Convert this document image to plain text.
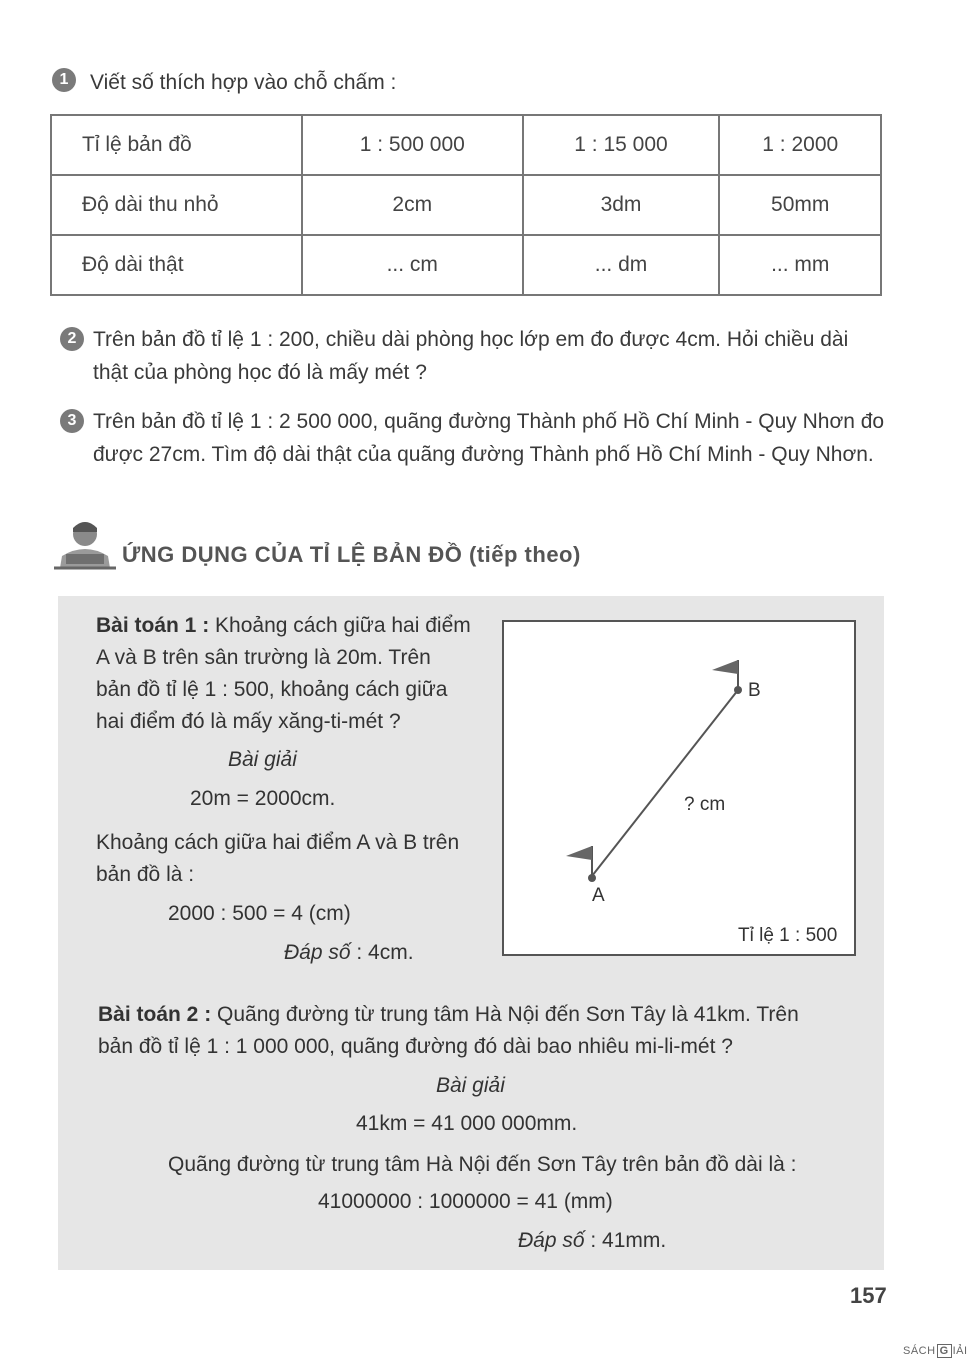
1	Viết số thích hợp vào chỗ chấm :
Tỉ lệ bản đồ	1 : 500 000	1 : 15 000	1 : 2000
Độ dài thu nhỏ	2cm	3dm	50mm
Độ dài thật	... cm	... dm	... mm
2 Trên bản đồ tỉ lệ 1 : 200, chiều dài phòng học lớp em đo được 4cm. Hỏi chiều dài
thật của phòng học đó là mấy mét ?
3 Trên bản đồ tỉ lệ 1 : 2 500 000, quãng đường Thành phố Hồ Chí Minh - Quy Nhơn đo
được 27cm. Tìm độ dài thật của quãng đường Thành phố Hồ Chí Minh - Quy Nhơn.
ỨNG DỤNG CỦA TỈ LỆ BẢN ĐỒ (tiếp theo)
Bài toán 1 : Khoảng cách giữa hai điểm
A và B trên sân trường là 20m. Trên
bản đồ tỉ lệ 1 : 500, khoảng cách giữa
hai điểm đó là mấy xăng-ti-mét ?
Bài giải
20m = 2000cm.
Khoảng cách giữa hai điểm A và B trên
bản đồ là :
2000 : 500 = 4 (cm)
Đáp số : 4cm.
A
B
? cm
Tỉ lệ 1 : 500
Bài toán 2 : Quãng đường từ trung tâm Hà Nội đến Sơn Tây là 41km. Trên
bản đồ tỉ lệ 1 : 1 000 000, quãng đường đó dài bao nhiêu mi-li-mét ?
Bài giải
41km = 41 000 000mm.
Quãng đường từ trung tâm Hà Nội đến Sơn Tây trên bản đồ dài là :
41000000 : 1000000 = 41 (mm)
Đáp số : 41mm.
157
SÁCH G IẢI
